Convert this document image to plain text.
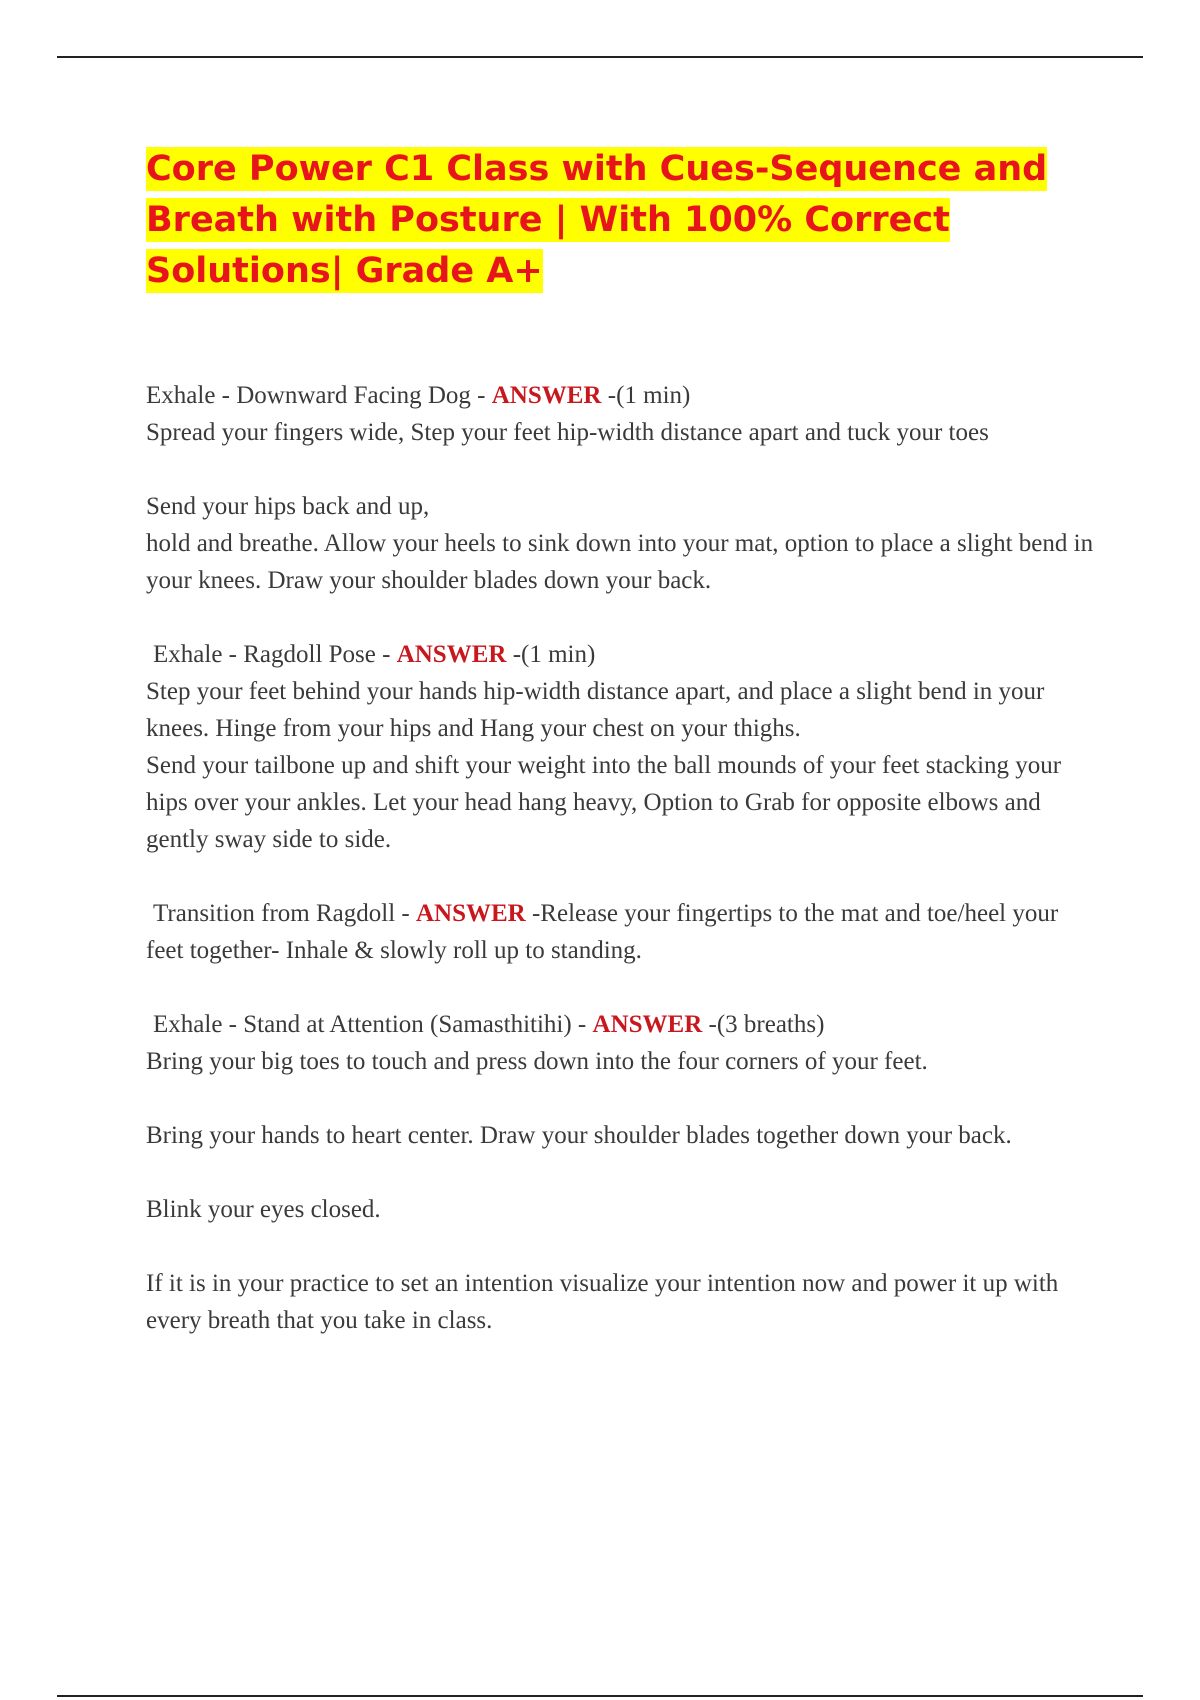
Core Power C1 Class with Cues-Sequence and Breath with Posture | With 100% Correct Solutions| Grade A+

Exhale - Downward Facing Dog - ANSWER -(1 min)

Spread your fingers wide, Step your feet hip-width distance apart and tuck your toes

Send your hips back and up,

hold and breathe. Allow your heels to sink down into your mat, option to place a slight bend in your knees. Draw your shoulder blades down your back.

Exhale - Ragdoll Pose - ANSWER -(1 min)

Step your feet behind your hands hip-width distance apart, and place a slight bend in your knees. Hinge from your hips and Hang your chest on your thighs.

Send your tailbone up and shift your weight into the ball mounds of your feet stacking your hips over your ankles. Let your head hang heavy, Option to Grab for opposite elbows and gently sway side to side.

Transition from Ragdoll - ANSWER -Release your fingertips to the mat and toe/heel your feet together- Inhale & slowly roll up to standing.

Exhale - Stand at Attention (Samasthitihi) - ANSWER -(3 breaths)

Bring your big toes to touch and press down into the four corners of your feet.

Bring your hands to heart center. Draw your shoulder blades together down your back.

Blink your eyes closed.

If it is in your practice to set an intention visualize your intention now and power it up with every breath that you take in class.
